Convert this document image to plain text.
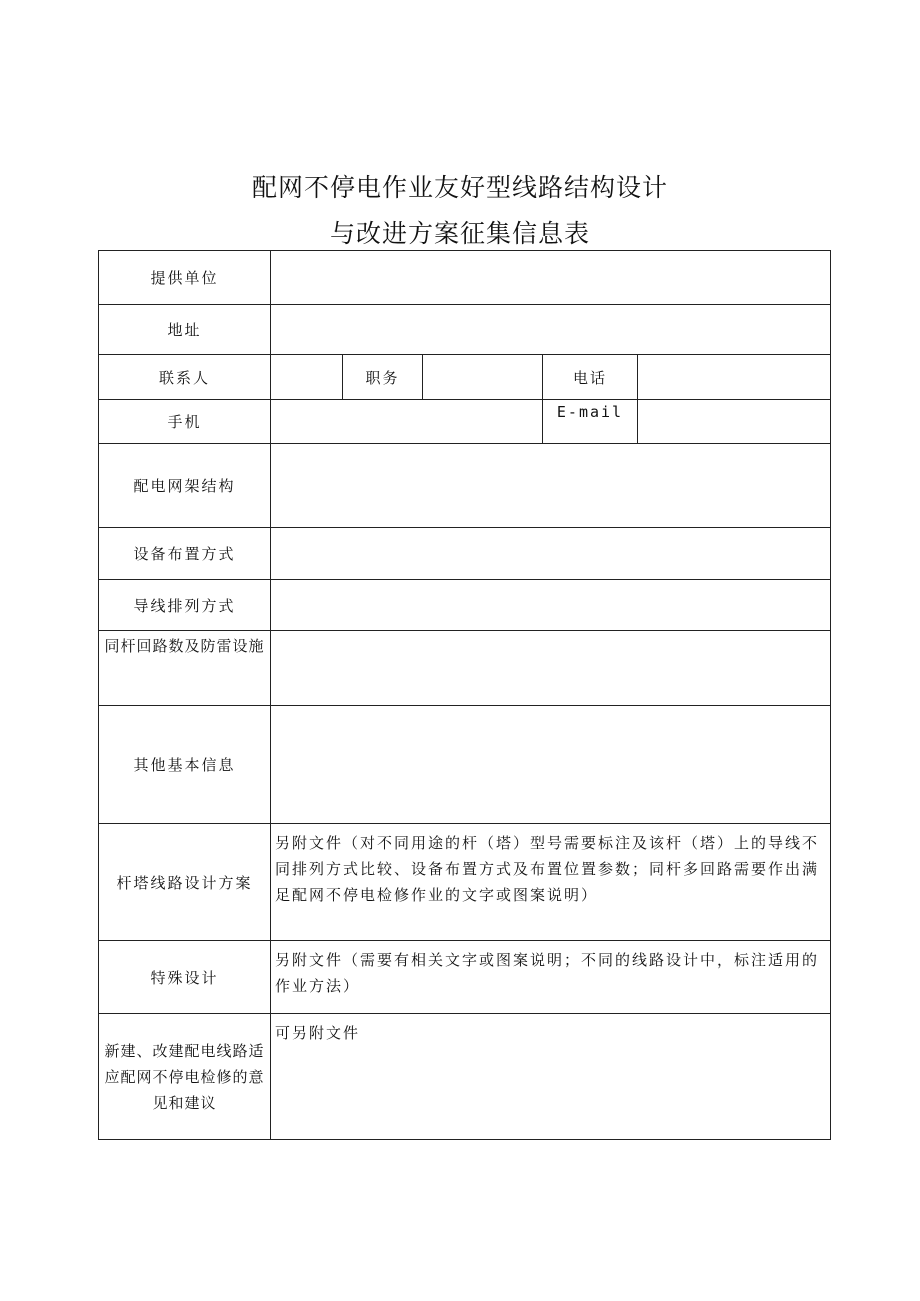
配网不停电作业友好型线路结构设计
与改进方案征集信息表
提供单位					
地址					
联系人		职务		电话	
手机				E-mail	
配电网架结构					
设备布置方式					
导线排列方式					
同杆回路数及防雷设施					
其他基本信息					
杆塔线路设计方案	另附文件（对不同用途的杆（塔）型号需要标注及该杆（塔）上的导线不同排列方式比较、设备布置方式及布置位置参数；同杆多回路需要作出满足配网不停电检修作业的文字或图案说明）				
特殊设计	另附文件（需要有相关文字或图案说明；不同的线路设计中，标注适用的作业方法）				

新建、改建配电线路适应配网不停电检修的意见和建议	可另附文件				
